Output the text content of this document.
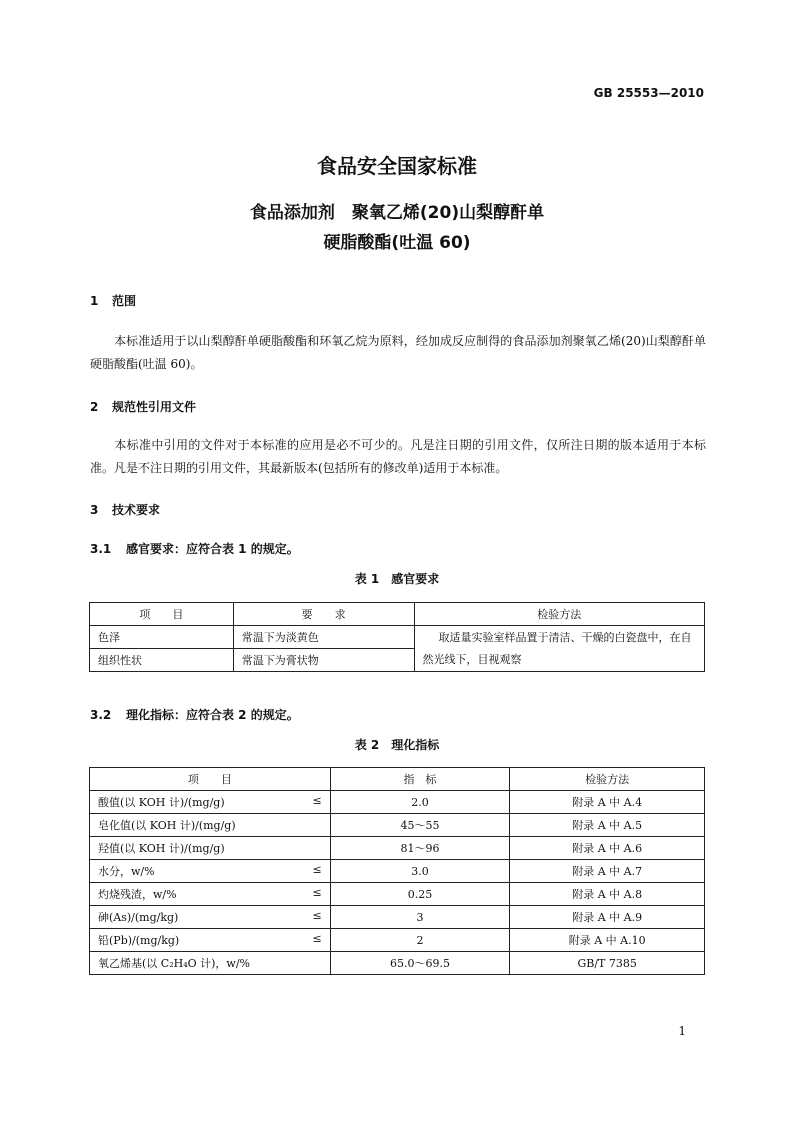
GB 25553—2010
食品安全国家标准
食品添加剂　聚氧乙烯(20)山梨醇酐单
硬脂酸酯(吐温 60)
1 范围
本标准适用于以山梨醇酐单硬脂酸酯和环氧乙烷为原料，经加成反应制得的食品添加剂聚氧乙烯(20)山梨醇酐单硬脂酸酯(吐温 60)。
2 规范性引用文件
本标准中引用的文件对于本标准的应用是必不可少的。凡是注日期的引用文件，仅所注日期的版本适用于本标准。凡是不注日期的引用文件，其最新版本(包括所有的修改单)适用于本标准。
3 技术要求
3.1 感官要求：应符合表 1 的规定。
表 1　感官要求
项　　目	要　　求	检验方法
色泽	常温下为淡黄色	取适量实验室样品置于清洁、干燥的白瓷盘中，在自然光线下，目视观察
组织性状	常温下为膏状物	
3.2 理化指标：应符合表 2 的规定。
表 2　理化指标
项　　目	指　标	检验方法

酸值(以 KOH 计)/(mg/g) ≤	2.0	附录 A 中 A.4

皂化值(以 KOH 计)/(mg/g)	45～55	附录 A 中 A.5

羟值(以 KOH 计)/(mg/g)	81～96	附录 A 中 A.6

水分，w/% ≤	3.0	附录 A 中 A.7

灼烧残渣，w/% ≤	0.25	附录 A 中 A.8

砷(As)/(mg/kg) ≤	3	附录 A 中 A.9

铅(Pb)/(mg/kg) ≤	2	附录 A 中 A.10

氧乙烯基(以 C₂H₄O 计)，w/%	65.0～69.5	GB/T 7385
1
